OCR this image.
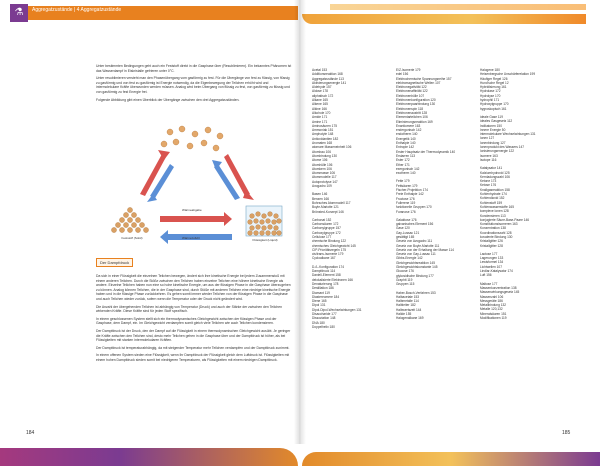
⚗	Aggregatzustände | 4 Aggregatzustände

Unter bestimmten Bedingungen geht auch ein Feststoff direkt in die Gasphase über (Resublimieren). Ein bekanntes Phänomen ist das Wasserdampf in Eiskristalle gefrieren unter 0°C.

Unter resublimieren versteht man den Phasenübergang vom gasförmig zu fest. Für die Übergänge von fest zu flüssig, von flüssig zu gasförmig und von fest zu gasförmig ist Energie notwendig, da die Eigenbewegung der Teilchen erhöht wird und intermolekulare Kräfte überwunden werden müssen. Analog wird beim Übergang von flüssig zu fest, von gasförmig zu flüssig und von gasförmig zu fest Energie frei.

Folgende Abbildung gibt einen Überblick der Übergänge zwischen den drei Aggregatzuständen.

Feststoff (Solid)	Flüssigkeit (Liquid)
Wärmeabgabe
Wärmezufuhr
Der Dampfdruck

Da sich in einer Flüssigkeit die einzelnen Teilchen bewegen, ändert sich ihre kinetische Energie bei jedem Zusammenstoß mit einem anderen Teilchen. Durch die Stöße zwischen den Teilchen haben einzelne Teilchen eine höhere kinetische Energie als andere. Einzelne Teilchen haben nun eine so hohe kinetische Energie, um aus der flüssigen Phase in die Gasphase überzugehen zu können. Analog können Teilchen, die in der Gasphase sind, durch Stöße mit anderen Teilchen eine niedrige kinetische Energie haben und in die flüssige Phase zurückkehren. Es gehen somit immer wieder Teilchen von der flüssigen Phase in die Gasphase und auch Teilchen wieder zurück, sofern wenn die Temperatur oder der Druck nicht geändert wird.

Die Anzahl der übergehenden Teilchen ist abhängig von Temperatur (Druck) und auch der Stärke der zwischen den Teilchen wirkenden Kräfte. Diese Kräfte sind für jeden Stoff spezifisch.

In einem geschlossenen System stellt sich ein thermodynamisches Gleichgewicht zwischen der flüssigen Phase und der Gasphase, dem Dampf, ein. Im Gleichgewicht verdampfen somit gleich viele Teilchen wie auch Teilchen kondensieren.

Der Dampfdruck ist der Druck, den der Dampf auf die Flüssigkeit in einem thermodynamischen Gleichgewicht ausübt. Je geringer die Kräfte zwischen den Teilchen sind, desto mehr Teilchen gehen in die Gasphase über und der Dampfdruck ist höher, als bei Flüssigkeiten mit starken intermolekularen Kräften.

Der Dampfdruck ist temperaturabhängig, da mit steigender Temperatur mehr Teilchen verdampfen und der Dampfdruck zunimmt.

In einem offenen System sieden eine Flüssigkeit, wenn ihr Dampfdruck der Flüssigkeit gleich dem Luftdruck ist. Flüssigkeiten mit einem hohen Dampfdruck sieden somit bei niedrigeren Temperaturen, als Flüssigkeiten mit einem niedrigen Dampfdruck.

184	185
Acetal 153
Additionsreaktion 168
Aggregatzustände 113
Aktivierungsenergie 141
Aldehyde 157
Aldose 178
aliphatisch 172
Alkane 165
Alkene 165
Alkine 166
Alkohole 170
Amide 171
Amine 171
Aminosäuren 175
Ammoniak 151
Amphotyle 148
Antioxidantien 182
Aromaten 168
atomare Masseneinheit 106
Atombau 106
Atombindung 130
Atome 106
Atomhülle 106
Atomkern 106
Atommasse 106
Atommodelle 117
Autoprotolyse 147
Avogadro 109
Basen 146
Benzen 166
Bohrsches Atommodell 117
Boyle-Mariotte 121
Brönsted-Konzept 146
Carbonat 152
Carbonsäuren 172
Carbonylgruppe 157
Carboxylgruppe 172
Cellulose 177
chemische Bindung 122
chemisches Gleichgewicht 145
CIP-Prioritätsregeln 175
cis/trans-Isomerie 179
Cycloalkane 167
D-/L-Konfiguration 174
Dampfdruck 114
Daniell-Element 158
delokalisierte Elektronen 166
Denaturierung 178
Destillation 186
Diamant 119
Diastereomere 184
Diene 165
Dipol 131
Dipol-Dipol-Wechselwirkungen 131
Disaccharide 177
Dissoziation 148
DNA 180
Doppelhelix 180
E/Z-Isomerie 179
edel 156
Elektrochemische Spannungsreihe 157
elektromagnetische Wellen 107
Elektronegativität 122
Elektronenaffinität 122
Elektronenhülle 107
Elektronenkonfiguration 120
Elektronenpaarbindung 130
Elektronenspin 118
Elektronenaustritt 128
Elementarteilchen 106
Eliminierungsreaktion 169
Enantiomere 163
endergonisch 142
endotherm 140
Energetik 140
Enthalpie 140
Entropie 142
Erster Hauptsatz der Thermodynamik 140
Erstarren 113
Ester 172
Ether 171
exergonisch 142
exotherm 140
Fette 179
Fettsäuren 179
Fischer-Projektion 174
Freie Enthalpie 142
Fructose 176
Fullerene 119
funktionelle Gruppen 170
Furanose 176
Galaktose 176
galvanisches Element 156
Gase 120
Gay-Lussac 121
gesättigt 165
Gesetz von Avogadro 111
Gesetz von Boyle-Mariotte 111
Gesetz von der Erhaltung der Masse 114
Gesetz von Gay-Lussac 111
Gibbs-Energie 142
Gleichgewichtsreaktion 145
Gleichgewichtskonstante 145
Glucose 176
glykosidische Bindung 177
Graphit 119
Gruppen 115
Haber-Bosch-Verfahren 153
Halbacetale 153
Halbmetalle 114
Halbleiter 182
Halbwertszeit 144
Halide 155
Halogenalkane 169
Halogene 180
Heisenbergsche Unschärferelation 199
Häufiger Regel 126
Hund'sche Regel 12
Hybridisierung 161
Hydrolase 172
Hydrolyse 170
hydrophil 171
Hydroxylgruppe 170
hygroskopisch 161
ideale Gase 119
ideales Gasgesetz 112
Indikatoren 150
Innere Energie 50
intermolekulare Wechselwirkungen 131
Ionen 127
Ionenbindung 127
Ionenprodukt des Wassers 147
Ionisierungsenergie 122
Isomere 163
Isotope 116
Katalysator 141
Kalziumhydroxid 125
Kernladungszahl 106
Ketone 173
Ketose 176
Knallgasreaktion 158
Kohlenhydrate 174
Kohlendioxid 152
Kohlenstoff 159
Kohlenwasserstoffe 165
komplexe Ionen 128
Kondensieren 113
konjugierte Säure-Base-Paare 146
Konstitutionsisomeren 163
Konzentration 138
Koordinationszahl 128
kovalente Bindung 130
Kristallgitter 126
Kristallgitter 128
Lactose 177
Lagerungen 133
Lewisformel 134
Lichtwellen 107
Lindlar-Katalysator 174
Luft 156
Maltose 177
Massenkonzentration 138
Massenwirkungsgesetz 145
Massenzahl 106
Messgeräte 186
Metallbindung 132
Metalle 120,132
Mineralsäuren 151
Modifikationen 119
